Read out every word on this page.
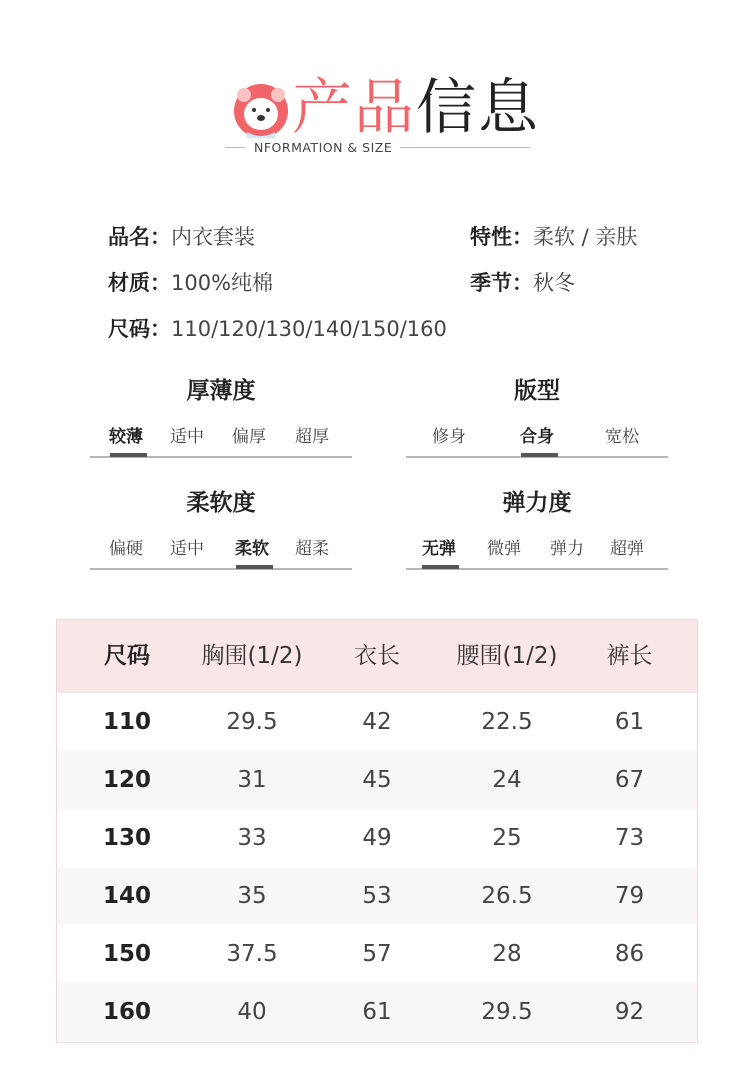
产品信息
NFORMATION & SIZE
品名：内衣套装	特性：柔软 / 亲肤
材质：100%纯棉	季节：秋冬
尺码：110/120/130/140/150/160
厚薄度
较薄 适中 偏厚 超厚
版型
修身	合身	宽松
柔软度
偏硬 适中 柔软 超柔
弹力度
无弹 微弹 弹力 超弹
尺码	胸围(1/2)	衣长	腰围(1/2)	裤长
110	29.5	42	22.5	61
120	31	45	24	67
130	33	49	25	73
140	35	53	26.5	79
150	37.5	57	28	86
160	40	61	29.5	92
